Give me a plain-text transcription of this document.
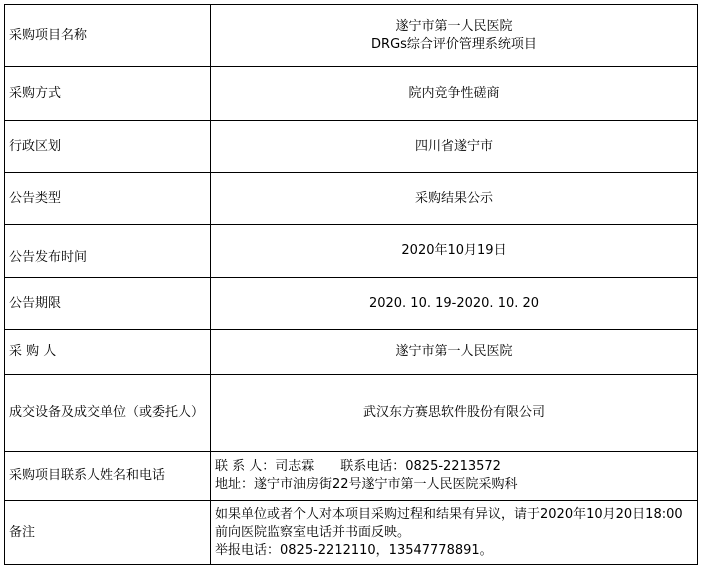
采购项目名称	遂宁市第一人民医院
DRGs综合评价管理系统项目

采购方式	院内竞争性磋商
行政区划	四川省遂宁市
公告类型	采购结果公示
公告发布时间	2020年10月19日
公告期限	2020. 10. 19-2020. 10. 20
采 购 人	遂宁市第一人民医院
成交设备及成交单位（或委托人）	武汉东方赛思软件股份有限公司
采购项目联系人姓名和电话	联 系 人：司志霖 联系电话：0825-2213572
地址：遂宁市油房街22号遂宁市第一人民医院采购科

备注	如果单位或者个人对本项目采购过程和结果有异议，请于2020年10月20日18:00前向医院监察室电话并书面反映。
举报电话：0825-2212110，13547778891。
